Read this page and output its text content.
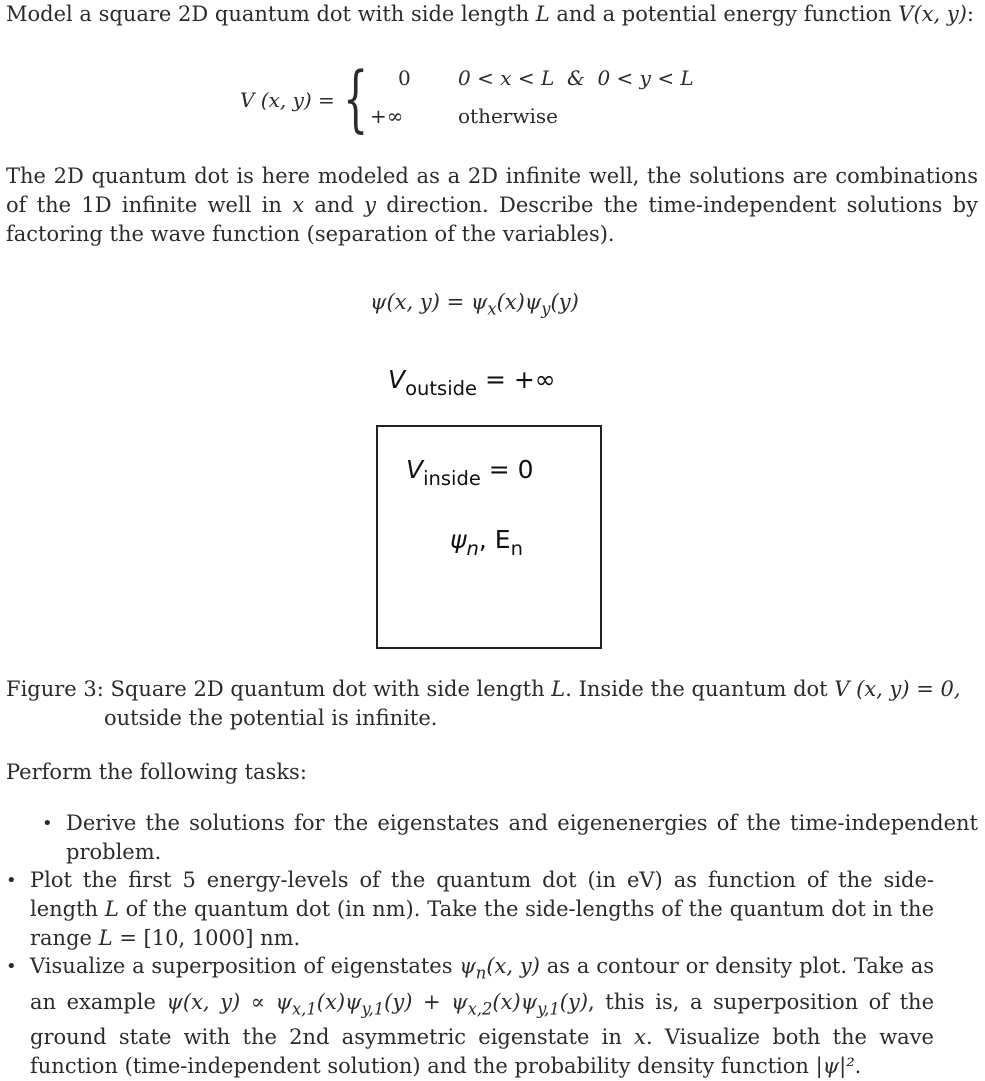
Model a square 2D quantum dot with side length L and a potential energy function V(x, y):
V (x, y) = { 0
+∞
0 < x < L  &  0 < y < L
otherwise
The 2D quantum dot is here modeled as a 2D infinite well, the solutions are combinations of the 1D infinite well in x and y direction. Describe the time-independent solutions by factoring the wave function (separation of the variables).
ψ(x, $y) = \psi_x(x)\psi_y(y)$
$V_{outside}$ = +∞
$V_{inside} = 0$
$\psi_n$, $E_n$
Figure 3: Square 2D quantum dot with side length L. Inside the quantum dot V (x, y) = 0,
outside the potential is infinite.
Perform the following tasks:
• Derive the solutions for the eigenstates and eigenenergies of the time-independent problem.
• Plot the first 5 energy-levels of the quantum dot (in eV) as function of the side-length L of the quantum dot (in nm). Take the side-lengths of the quantum dot in the range L = [10, 1000] nm.
• Visualize a superposition of eigenstates $\psi_n(x$, y) as a contour or density plot. Take as an example ψ(x, $y) \propto \psi_{x,1}(x)\psi_{y,1}(y) + \psi_{x,2}(x)\psi_{y,1}(y)$, this is, a superposition of the ground state with the 2nd asymmetric eigenstate in x. Visualize both the wave function (time-independent solution) and the probability density function |ψ|².
